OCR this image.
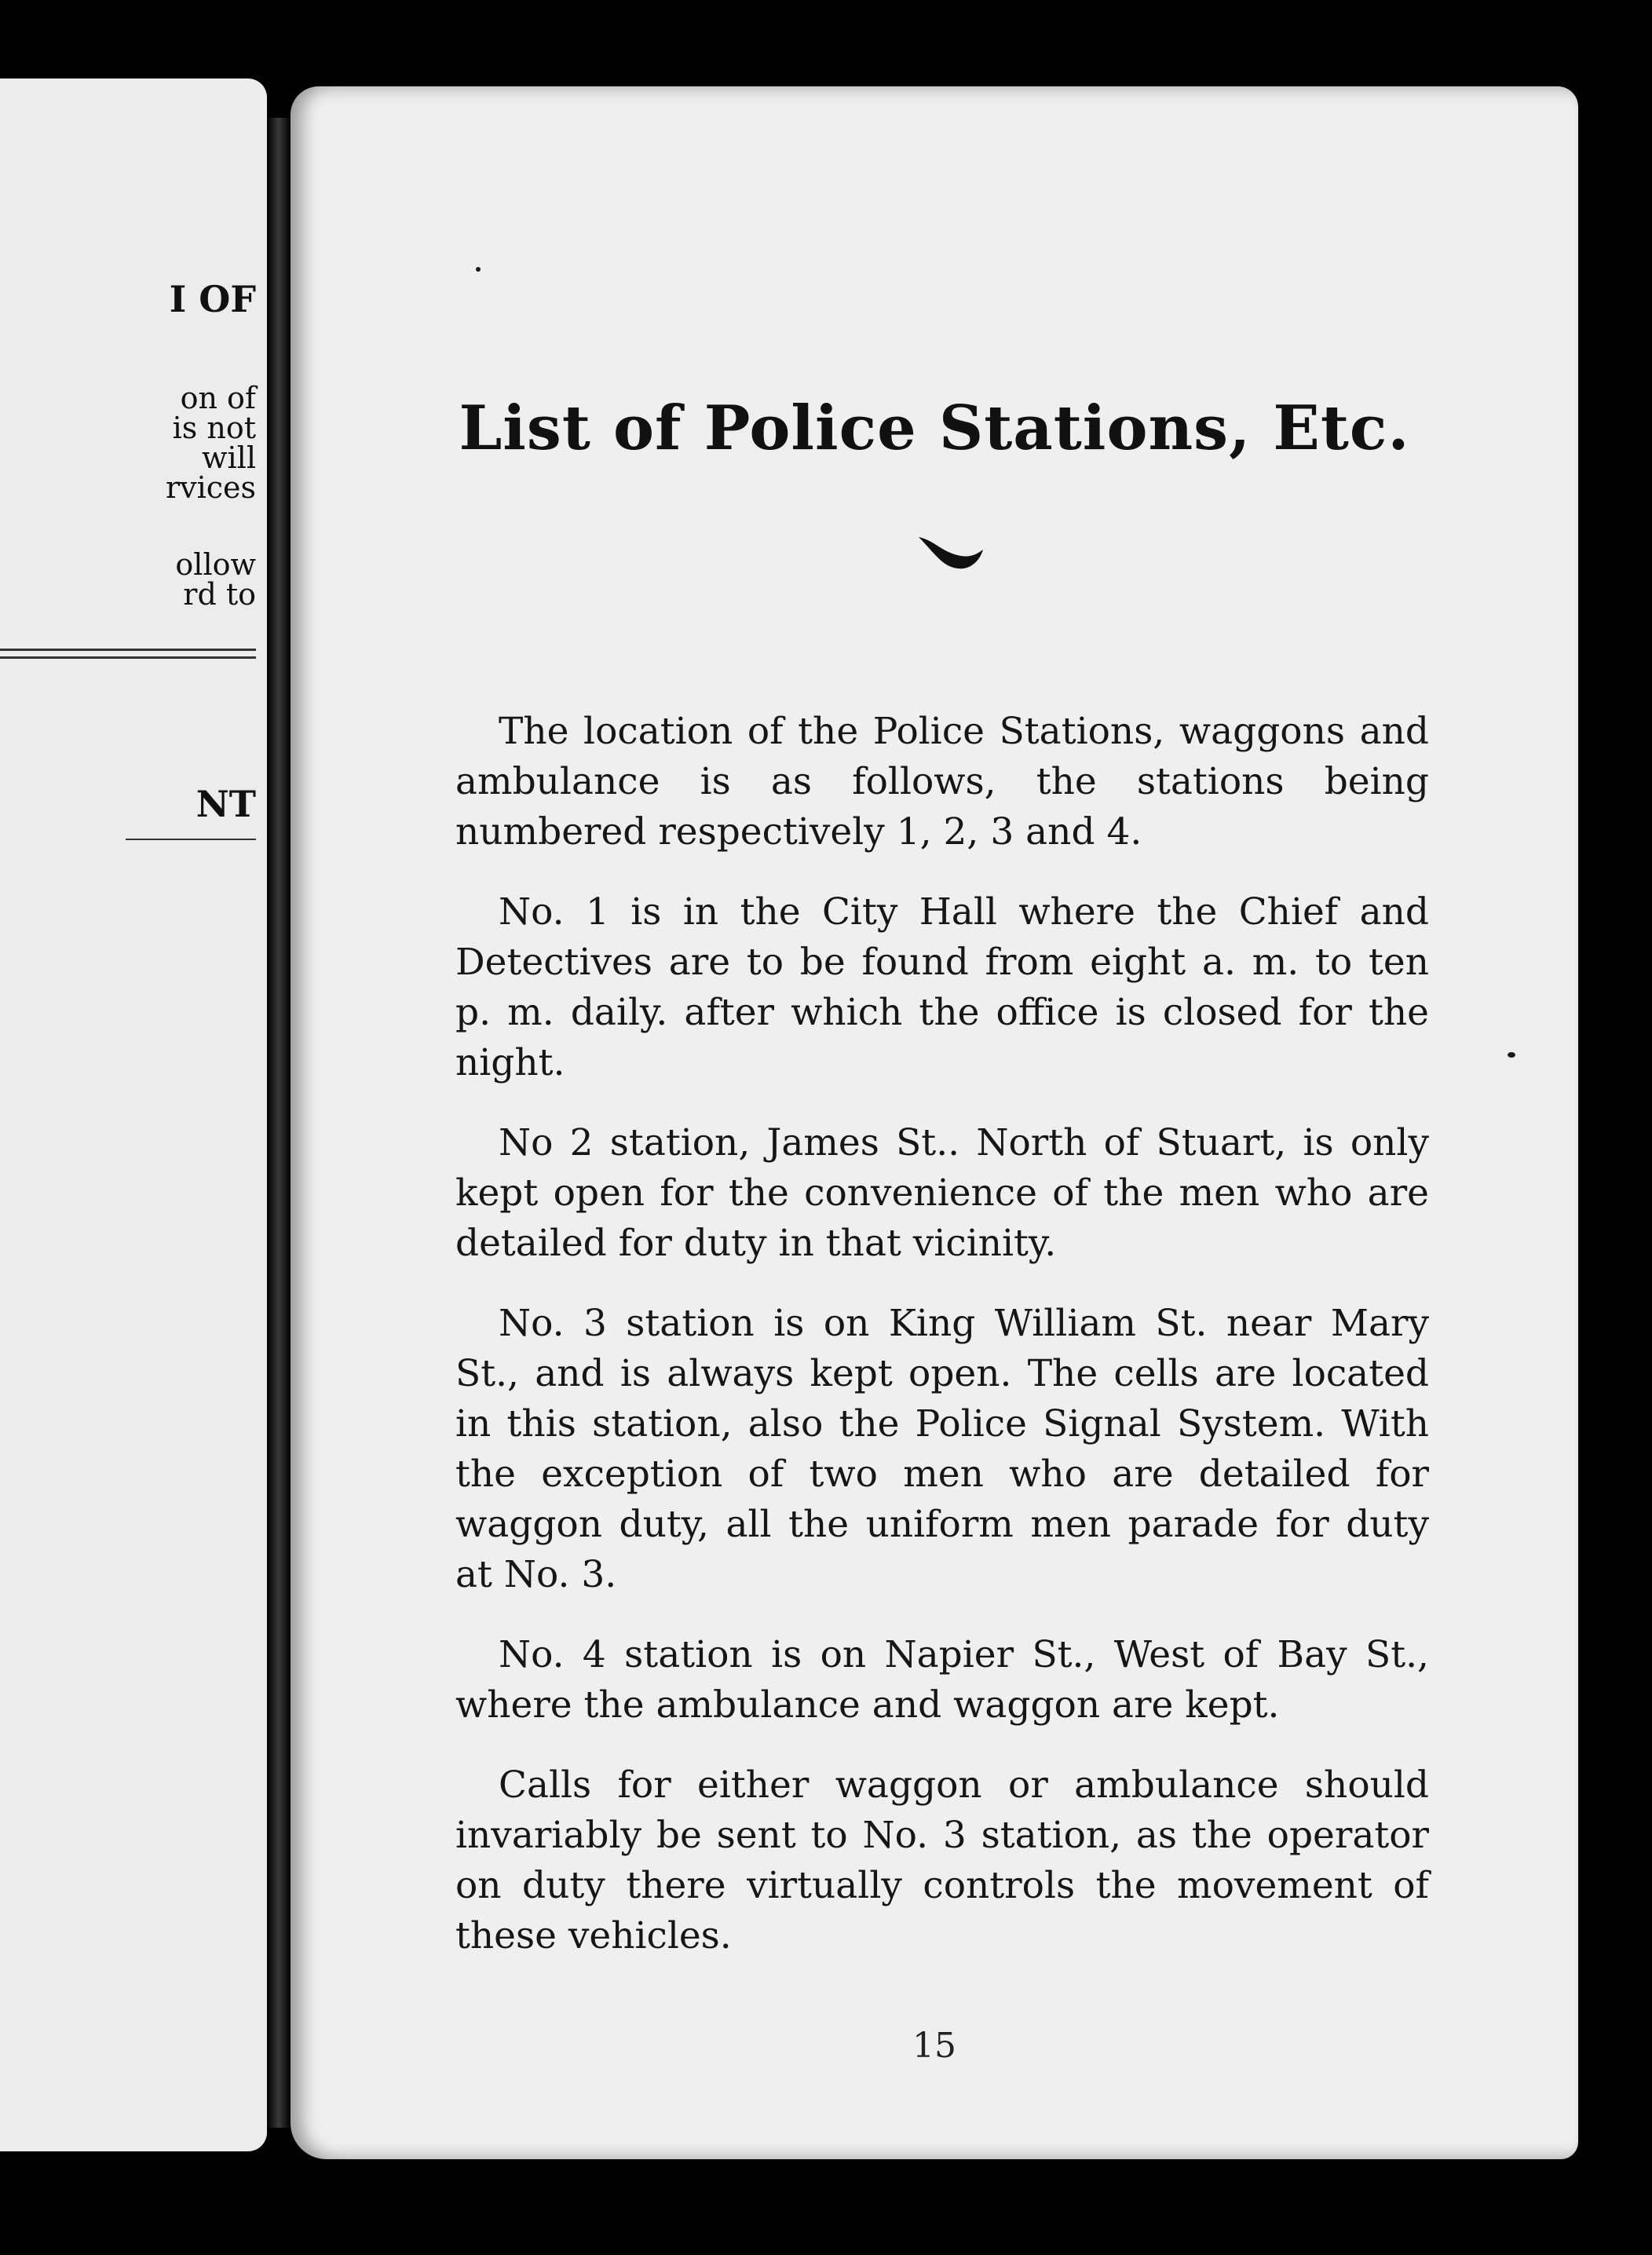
I OF
on of
is not
will
rvices
ollow
rd to
NT
List of Police Stations, Etc.

The location of the Police Stations, waggons and ambulance is as follows, the stations being numbered respectively 1, 2, 3 and 4.

No. 1 is in the City Hall where the Chief and Detectives are to be found from eight a. m. to ten p. m. daily. after which the office is closed for the night.

No 2 station, James St.. North of Stuart, is only kept open for the convenience of the men who are detailed for duty in that vicinity.

No. 3 station is on King William St. near Mary St., and is always kept open. The cells are located in this station, also the Police Signal System. With the exception of two men who are detailed for waggon duty, all the uniform men parade for duty at No. 3.

No. 4 station is on Napier St., West of Bay St., where the ambulance and waggon are kept.

Calls for either waggon or ambulance should invariably be sent to No. 3 station, as the operator on duty there virtually controls the movement of these vehicles.

15
